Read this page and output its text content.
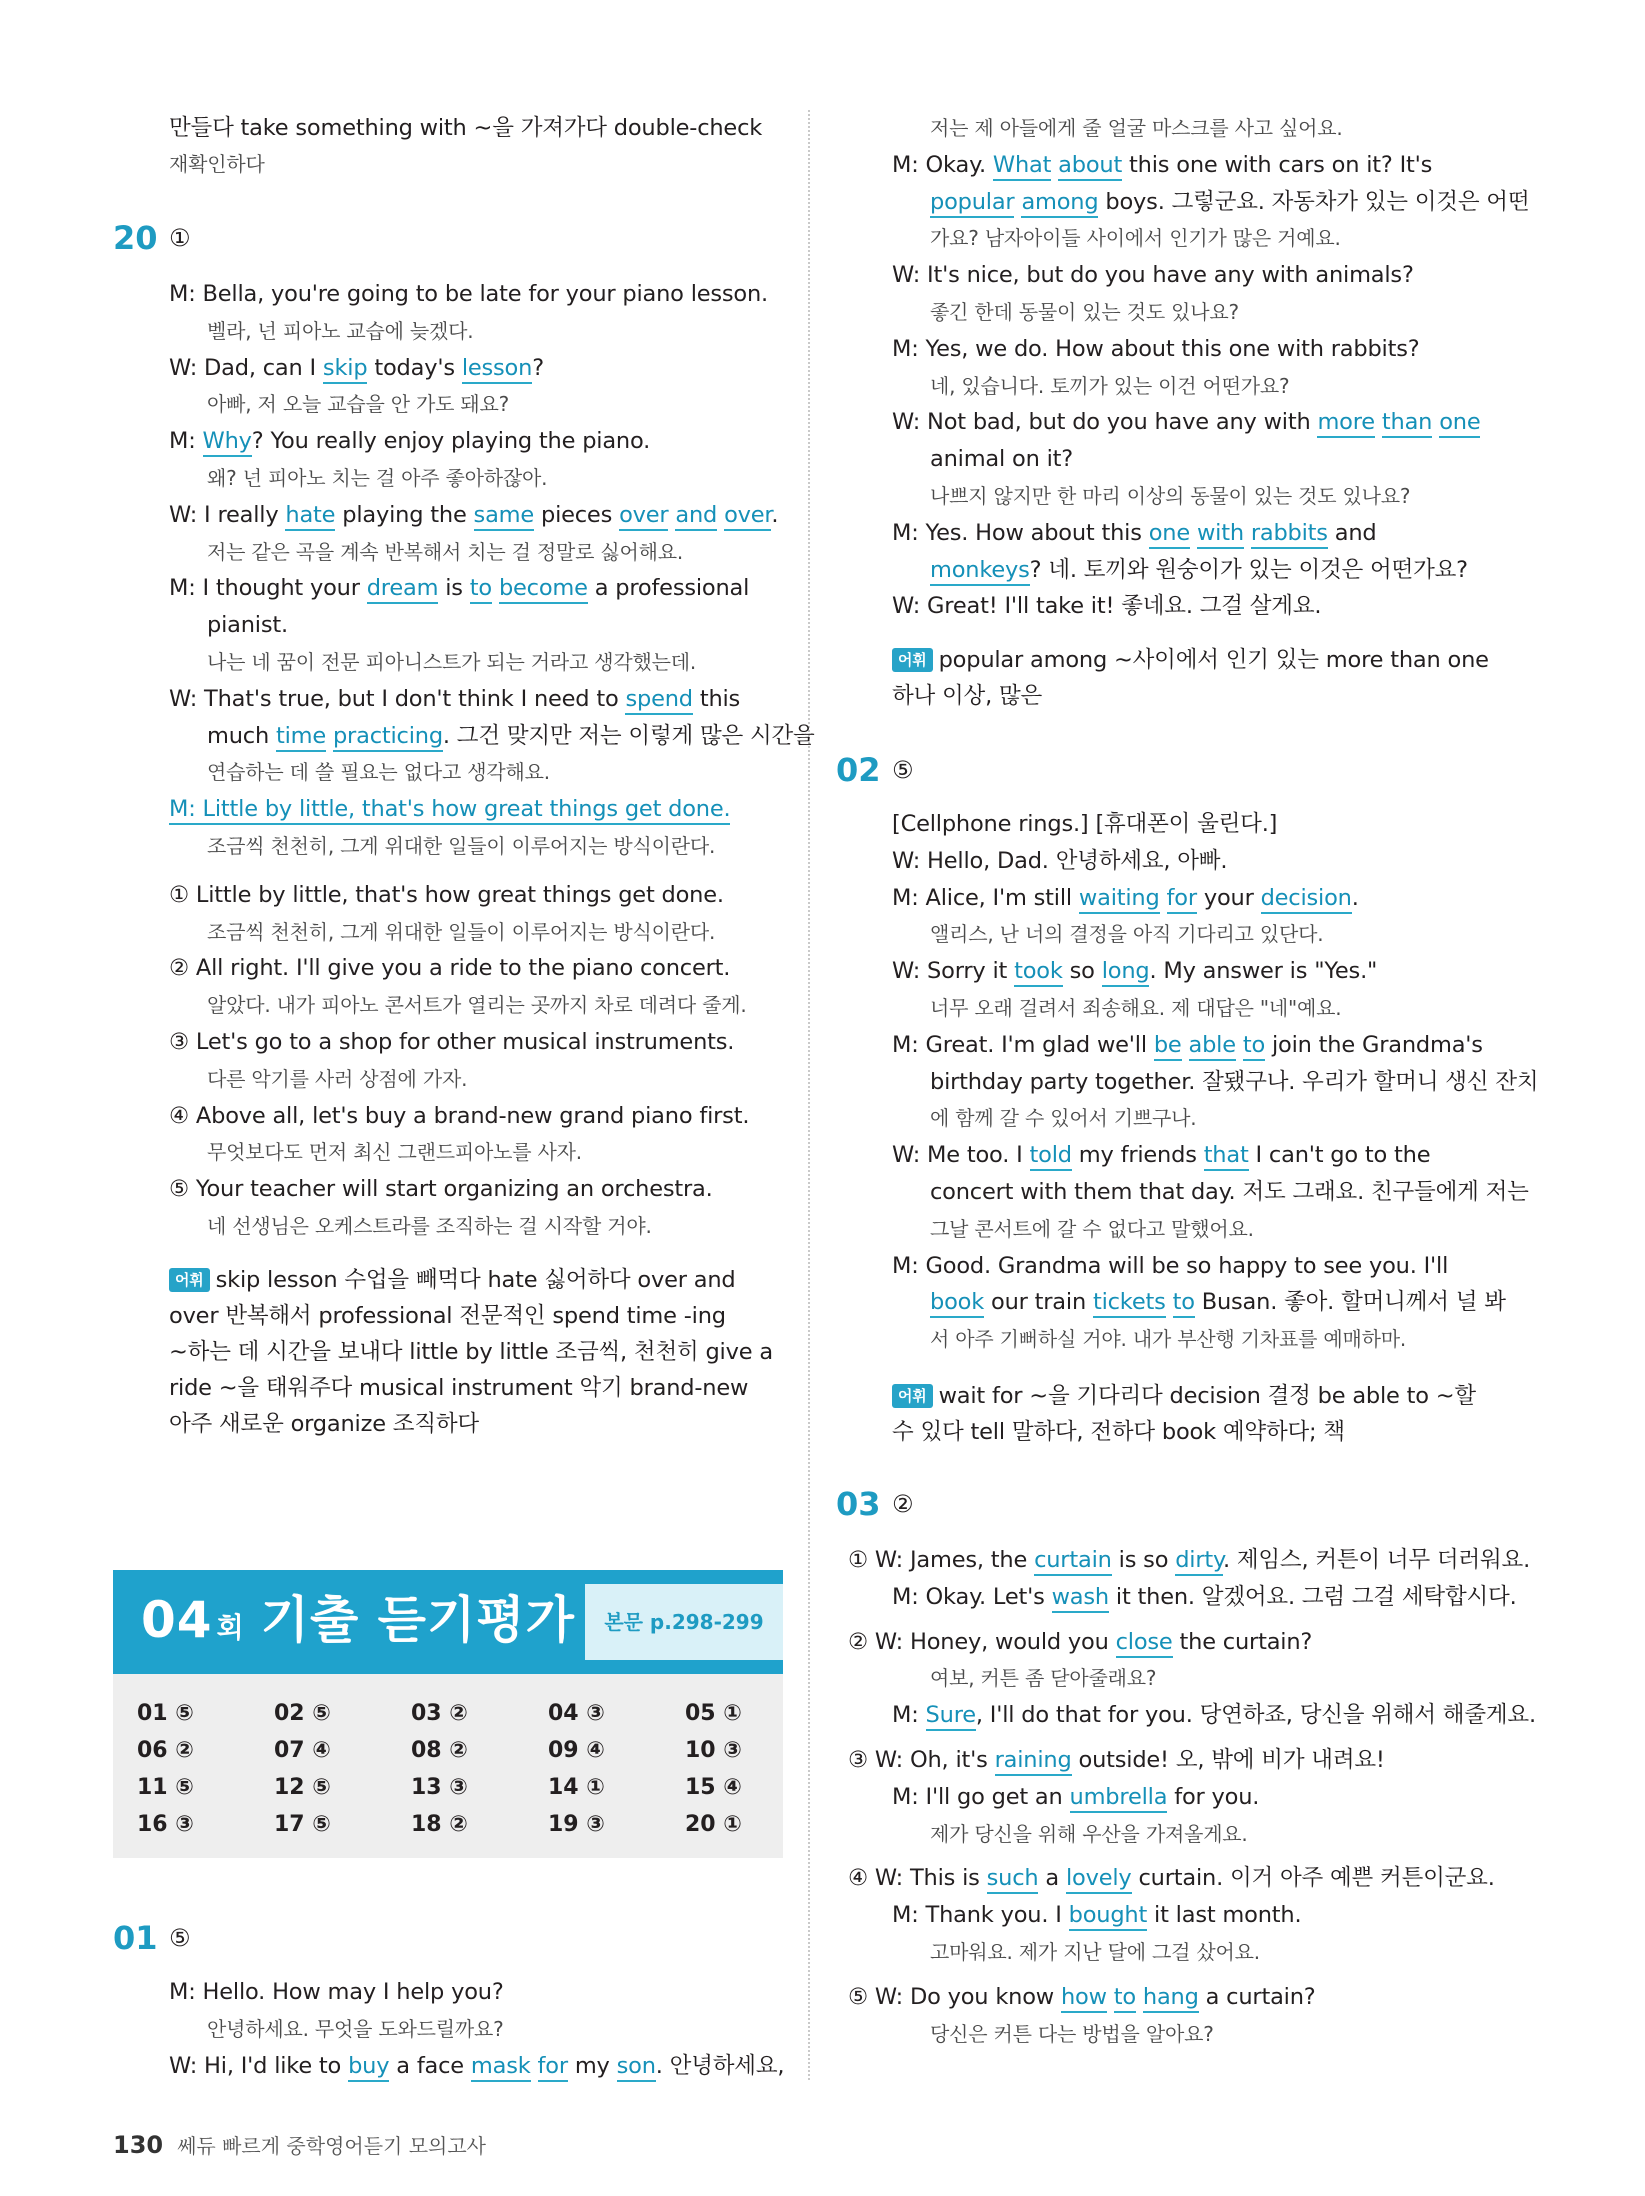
만들다 take something with ~을 가져가다 double-check
재확인하다
20 ①
M: Bella, you're going to be late for your piano lesson.
벨라, 넌 피아노 교습에 늦겠다.
W: Dad, can I skip today's lesson?
아빠, 저 오늘 교습을 안 가도 돼요?
M: Why? You really enjoy playing the piano.
왜? 넌 피아노 치는 걸 아주 좋아하잖아.
W: I really hate playing the same pieces over and over.
저는 같은 곡을 계속 반복해서 치는 걸 정말로 싫어해요.
M: I thought your dream is to become a professional
pianist.
나는 네 꿈이 전문 피아니스트가 되는 거라고 생각했는데.
W: That's true, but I don't think I need to spend this
much time practicing. 그건 맞지만 저는 이렇게 많은 시간을
연습하는 데 쓸 필요는 없다고 생각해요.
M: Little by little, that's how great things get done.
조금씩 천천히, 그게 위대한 일들이 이루어지는 방식이란다.
① Little by little, that's how great things get done.
조금씩 천천히, 그게 위대한 일들이 이루어지는 방식이란다.
② All right. I'll give you a ride to the piano concert.
알았다. 내가 피아노 콘서트가 열리는 곳까지 차로 데려다 줄게.
③ Let's go to a shop for other musical instruments.
다른 악기를 사러 상점에 가자.
④ Above all, let's buy a brand-new grand piano first.
무엇보다도 먼저 최신 그랜드피아노를 사자.
⑤ Your teacher will start organizing an orchestra.
네 선생님은 오케스트라를 조직하는 걸 시작할 거야.
어휘 skip lesson 수업을 빼먹다 hate 싫어하다 over and
over 반복해서 professional 전문적인 spend time -ing
~하는 데 시간을 보내다 little by little 조금씩, 천천히 give a
ride ~을 태워주다 musical instrument 악기 brand-new
아주 새로운 organize 조직하다
01 ⑤
M: Hello. How may I help you?
안녕하세요. 무엇을 도와드릴까요?
W: Hi, I'd like to buy a face mask for my son. 안녕하세요,
저는 제 아들에게 줄 얼굴 마스크를 사고 싶어요.
M: Okay. What about this one with cars on it? It's
popular among boys. 그렇군요. 자동차가 있는 이것은 어떤
가요? 남자아이들 사이에서 인기가 많은 거예요.
W: It's nice, but do you have any with animals?
좋긴 한데 동물이 있는 것도 있나요?
M: Yes, we do. How about this one with rabbits?
네, 있습니다. 토끼가 있는 이건 어떤가요?
W: Not bad, but do you have any with more than one
animal on it?
나쁘지 않지만 한 마리 이상의 동물이 있는 것도 있나요?
M: Yes. How about this one with rabbits and
monkeys? 네. 토끼와 원숭이가 있는 이것은 어떤가요?
W: Great! I'll take it! 좋네요. 그걸 살게요.
어휘 popular among ~사이에서 인기 있는 more than one
하나 이상, 많은
02 ⑤
[Cellphone rings.] [휴대폰이 울린다.]
W: Hello, Dad. 안녕하세요, 아빠.
M: Alice, I'm still waiting for your decision.
앨리스, 난 너의 결정을 아직 기다리고 있단다.
W: Sorry it took so long. My answer is "Yes."
너무 오래 걸려서 죄송해요. 제 대답은 "네"예요.
M: Great. I'm glad we'll be able to join the Grandma's
birthday party together. 잘됐구나. 우리가 할머니 생신 잔치
에 함께 갈 수 있어서 기쁘구나.
W: Me too. I told my friends that I can't go to the
concert with them that day. 저도 그래요. 친구들에게 저는
그날 콘서트에 갈 수 없다고 말했어요.
M: Good. Grandma will be so happy to see you. I'll
book our train tickets to Busan. 좋아. 할머니께서 널 봐
서 아주 기뻐하실 거야. 내가 부산행 기차표를 예매하마.
어휘 wait for ~을 기다리다 decision 결정 be able to ~할
수 있다 tell 말하다, 전하다 book 예약하다; 책
03 ②
① W: James, the curtain is so dirty. 제임스, 커튼이 너무 더러워요.
M: Okay. Let's wash it then. 알겠어요. 그럼 그걸 세탁합시다.
② W: Honey, would you close the curtain?
여보, 커튼 좀 닫아줄래요?
M: Sure, I'll do that for you. 당연하죠, 당신을 위해서 해줄게요.
③ W: Oh, it's raining outside! 오, 밖에 비가 내려요!
M: I'll go get an umbrella for you.
제가 당신을 위해 우산을 가져올게요.
④ W: This is such a lovely curtain. 이거 아주 예쁜 커튼이군요.
M: Thank you. I bought it last month.
고마워요. 제가 지난 달에 그걸 샀어요.
⑤ W: Do you know how to hang a curtain?
당신은 커튼 다는 방법을 알아요?
04 회 기출 듣기평가	본문 p.298-299
01 ⑤	02 ⑤	03 ②	04 ③	05 ①
06 ②	07 ④	08 ②	09 ④	10 ③
11 ⑤	12 ⑤	13 ③	14 ①	15 ④
16 ③	17 ⑤	18 ②	19 ③	20 ①
130 쎄듀 빠르게 중학영어듣기 모의고사
